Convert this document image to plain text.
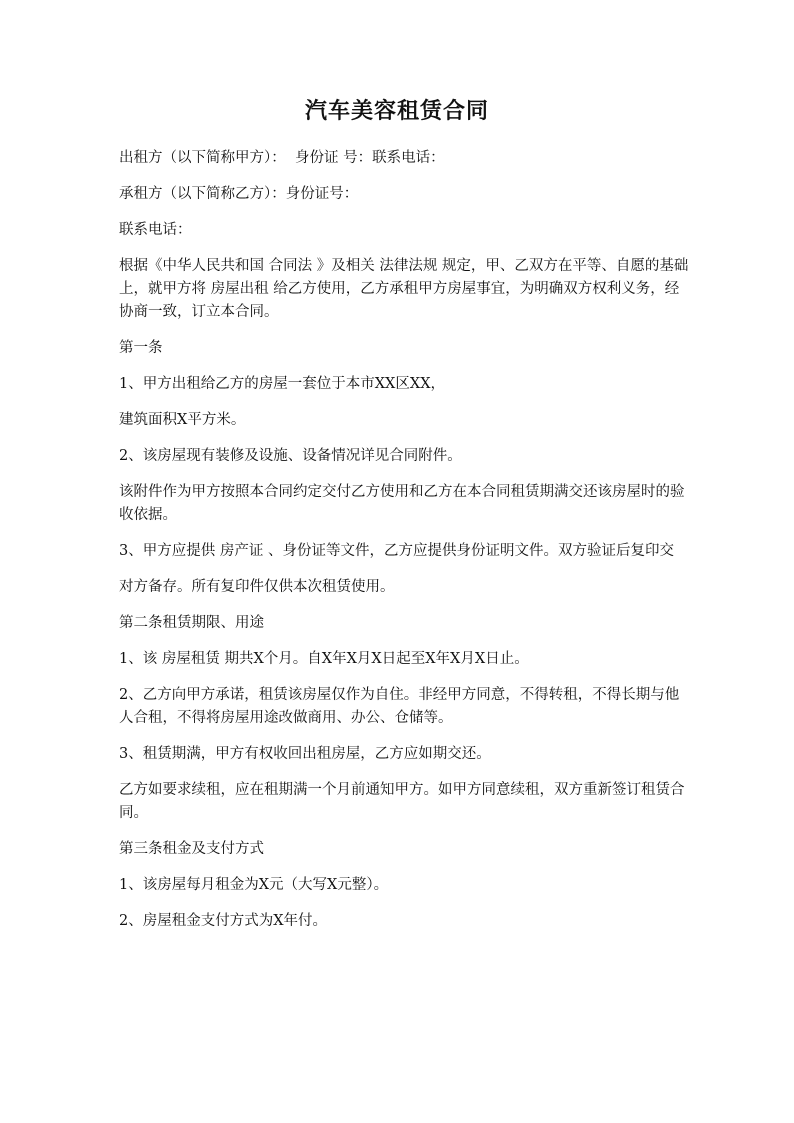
汽车美容租赁合同

出租方（以下简称甲方）：  身份证 号：联系电话：

承租方（以下简称乙方）：身份证号：

联系电话：

根据《中华人民共和国 合同法 》及相关 法律法规 规定，甲、乙双方在平等、自愿的基础上，就甲方将 房屋出租 给乙方使用，乙方承租甲方房屋事宜，为明确双方权利义务，经协商一致，订立本合同。

第一条

1、甲方出租给乙方的房屋一套位于本市XX区XX，

建筑面积X平方米。

2、该房屋现有装修及设施、设备情况详见合同附件。

该附件作为甲方按照本合同约定交付乙方使用和乙方在本合同租赁期满交还该房屋时的验收依据。

3、甲方应提供 房产证 、身份证等文件，乙方应提供身份证明文件。双方验证后复印交

对方备存。所有复印件仅供本次租赁使用。

第二条租赁期限、用途

1、该 房屋租赁 期共X个月。自X年X月X日起至X年X月X日止。

2、乙方向甲方承诺，租赁该房屋仅作为自住。非经甲方同意，不得转租，不得长期与他人合租，不得将房屋用途改做商用、办公、仓储等。

3、租赁期满，甲方有权收回出租房屋，乙方应如期交还。

乙方如要求续租，应在租期满一个月前通知甲方。如甲方同意续租，双方重新签订租赁合同。

第三条租金及支付方式

1、该房屋每月租金为X元（大写X元整）。

2、房屋租金支付方式为X年付。
